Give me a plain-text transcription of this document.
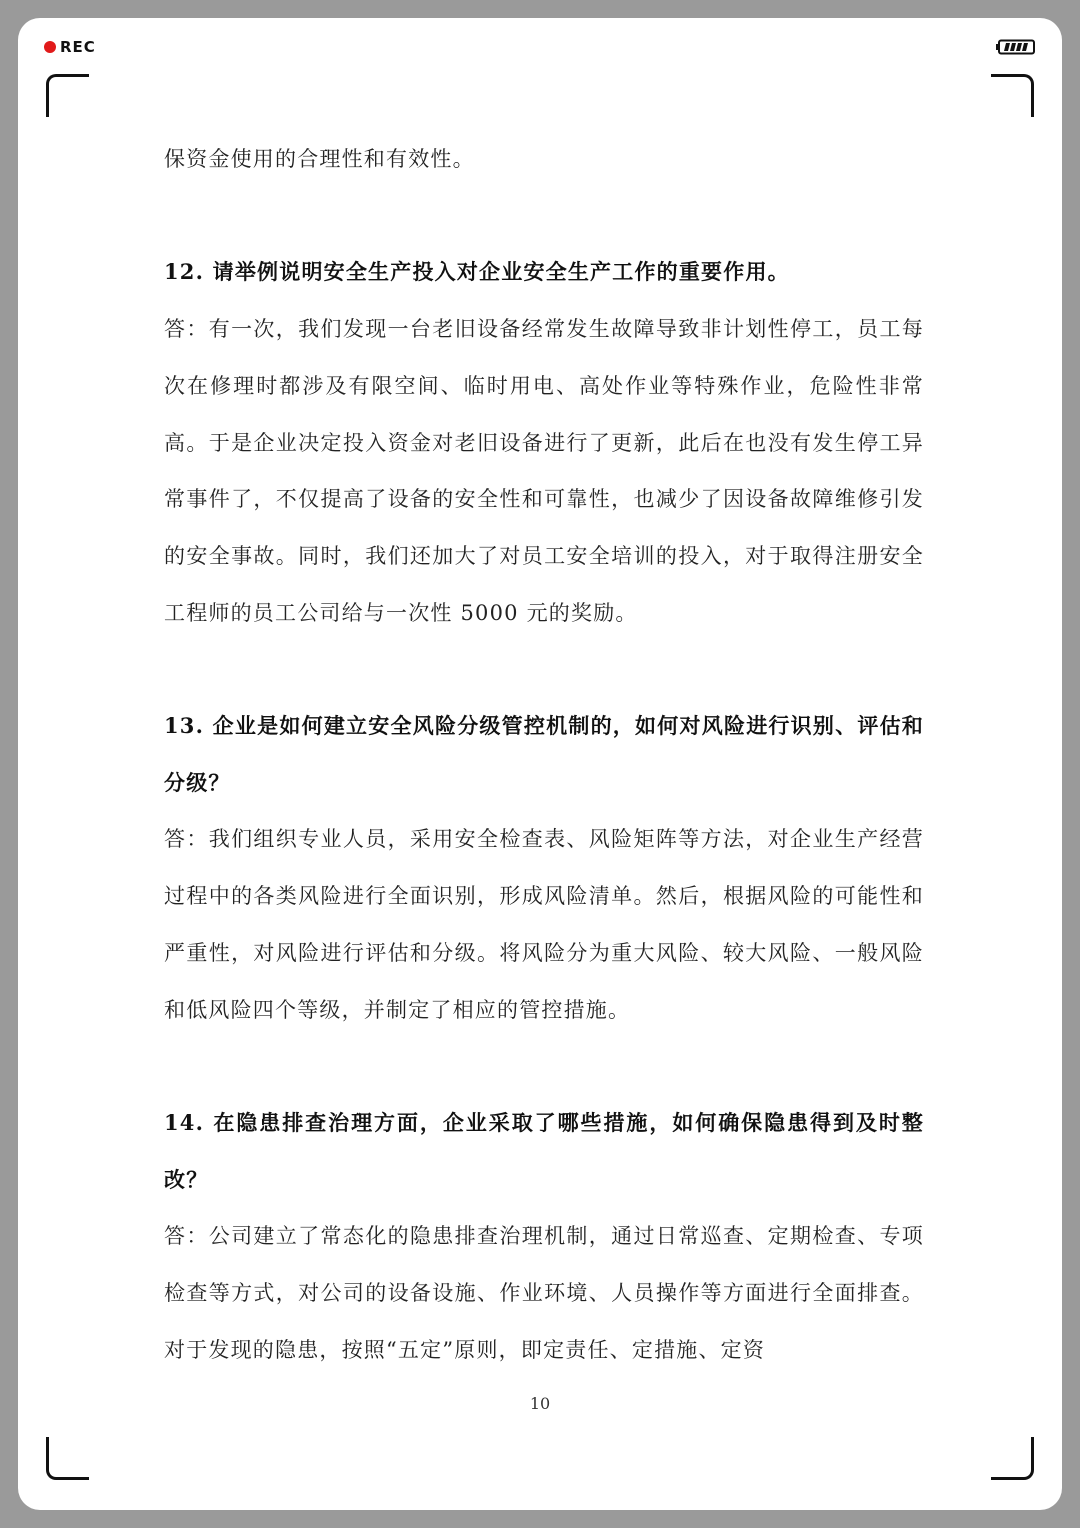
REC

保资金使用的合理性和有效性。

12. 请举例说明安全生产投入对企业安全生产工作的重要作用。

答：有一次，我们发现一台老旧设备经常发生故障导致非计划性停工，员工每次在修理时都涉及有限空间、临时用电、高处作业等特殊作业，危险性非常高。于是企业决定投入资金对老旧设备进行了更新，此后在也没有发生停工异常事件了，不仅提高了设备的安全性和可靠性，也减少了因设备故障维修引发的安全事故。同时，我们还加大了对员工安全培训的投入，对于取得注册安全工程师的员工公司给与一次性 5000 元的奖励。

13. 企业是如何建立安全风险分级管控机制的，如何对风险进行识别、评估和分级？

答：我们组织专业人员，采用安全检查表、风险矩阵等方法，对企业生产经营过程中的各类风险进行全面识别，形成风险清单。然后，根据风险的可能性和严重性，对风险进行评估和分级。将风险分为重大风险、较大风险、一般风险和低风险四个等级，并制定了相应的管控措施。

14. 在隐患排查治理方面，企业采取了哪些措施，如何确保隐患得到及时整改？

答：公司建立了常态化的隐患排查治理机制，通过日常巡查、定期检查、专项检查等方式，对公司的设备设施、作业环境、人员操作等方面进行全面排查。对于发现的隐患，按照“五定”原则，即定责任、定措施、定资

10
